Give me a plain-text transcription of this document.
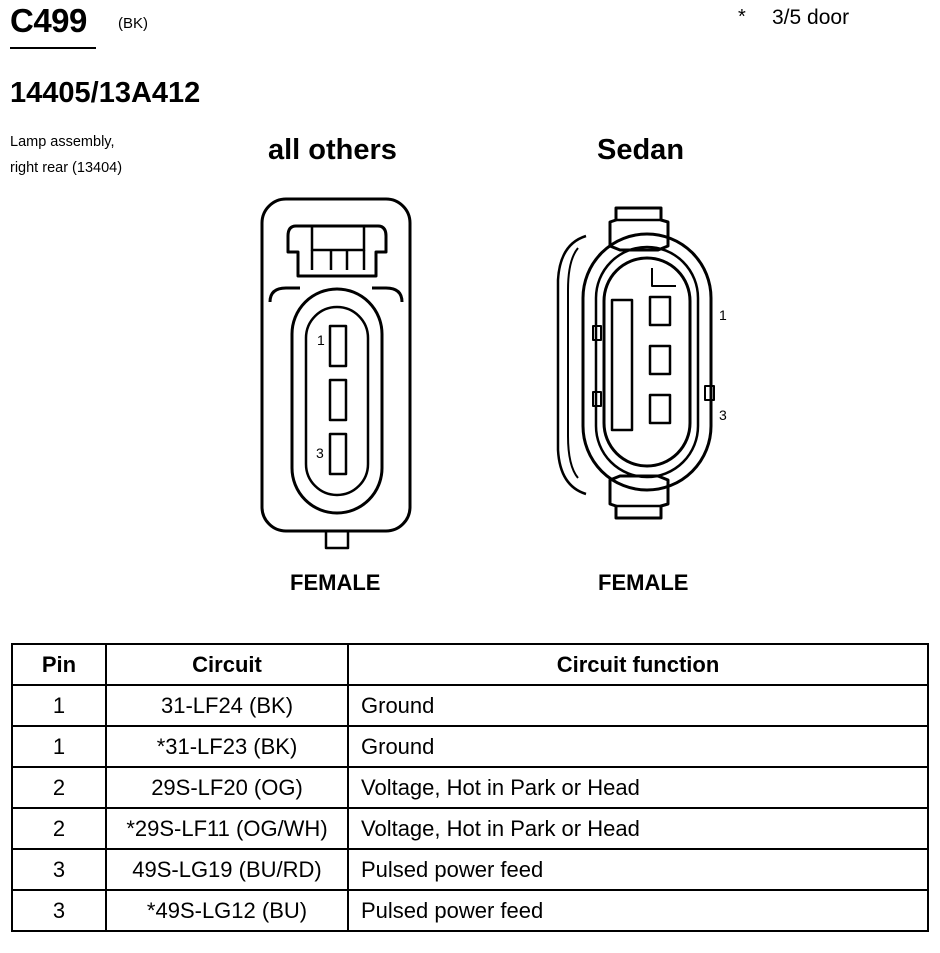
C499 (BK)	* 3/5 door
14405/13A412
Lamp assembly,
right rear (13404)
all others	Sedan
1
3
1
3
FEMALE	FEMALE
Pin	Circuit	Circuit function
1	31-LF24 (BK)	Ground
1	*31-LF23 (BK)	Ground
2	29S-LF20 (OG)	Voltage, Hot in Park or Head
2	*29S-LF11 (OG/WH)	Voltage, Hot in Park or Head
3	49S-LG19 (BU/RD)	Pulsed power feed
3	*49S-LG12 (BU)	Pulsed power feed
